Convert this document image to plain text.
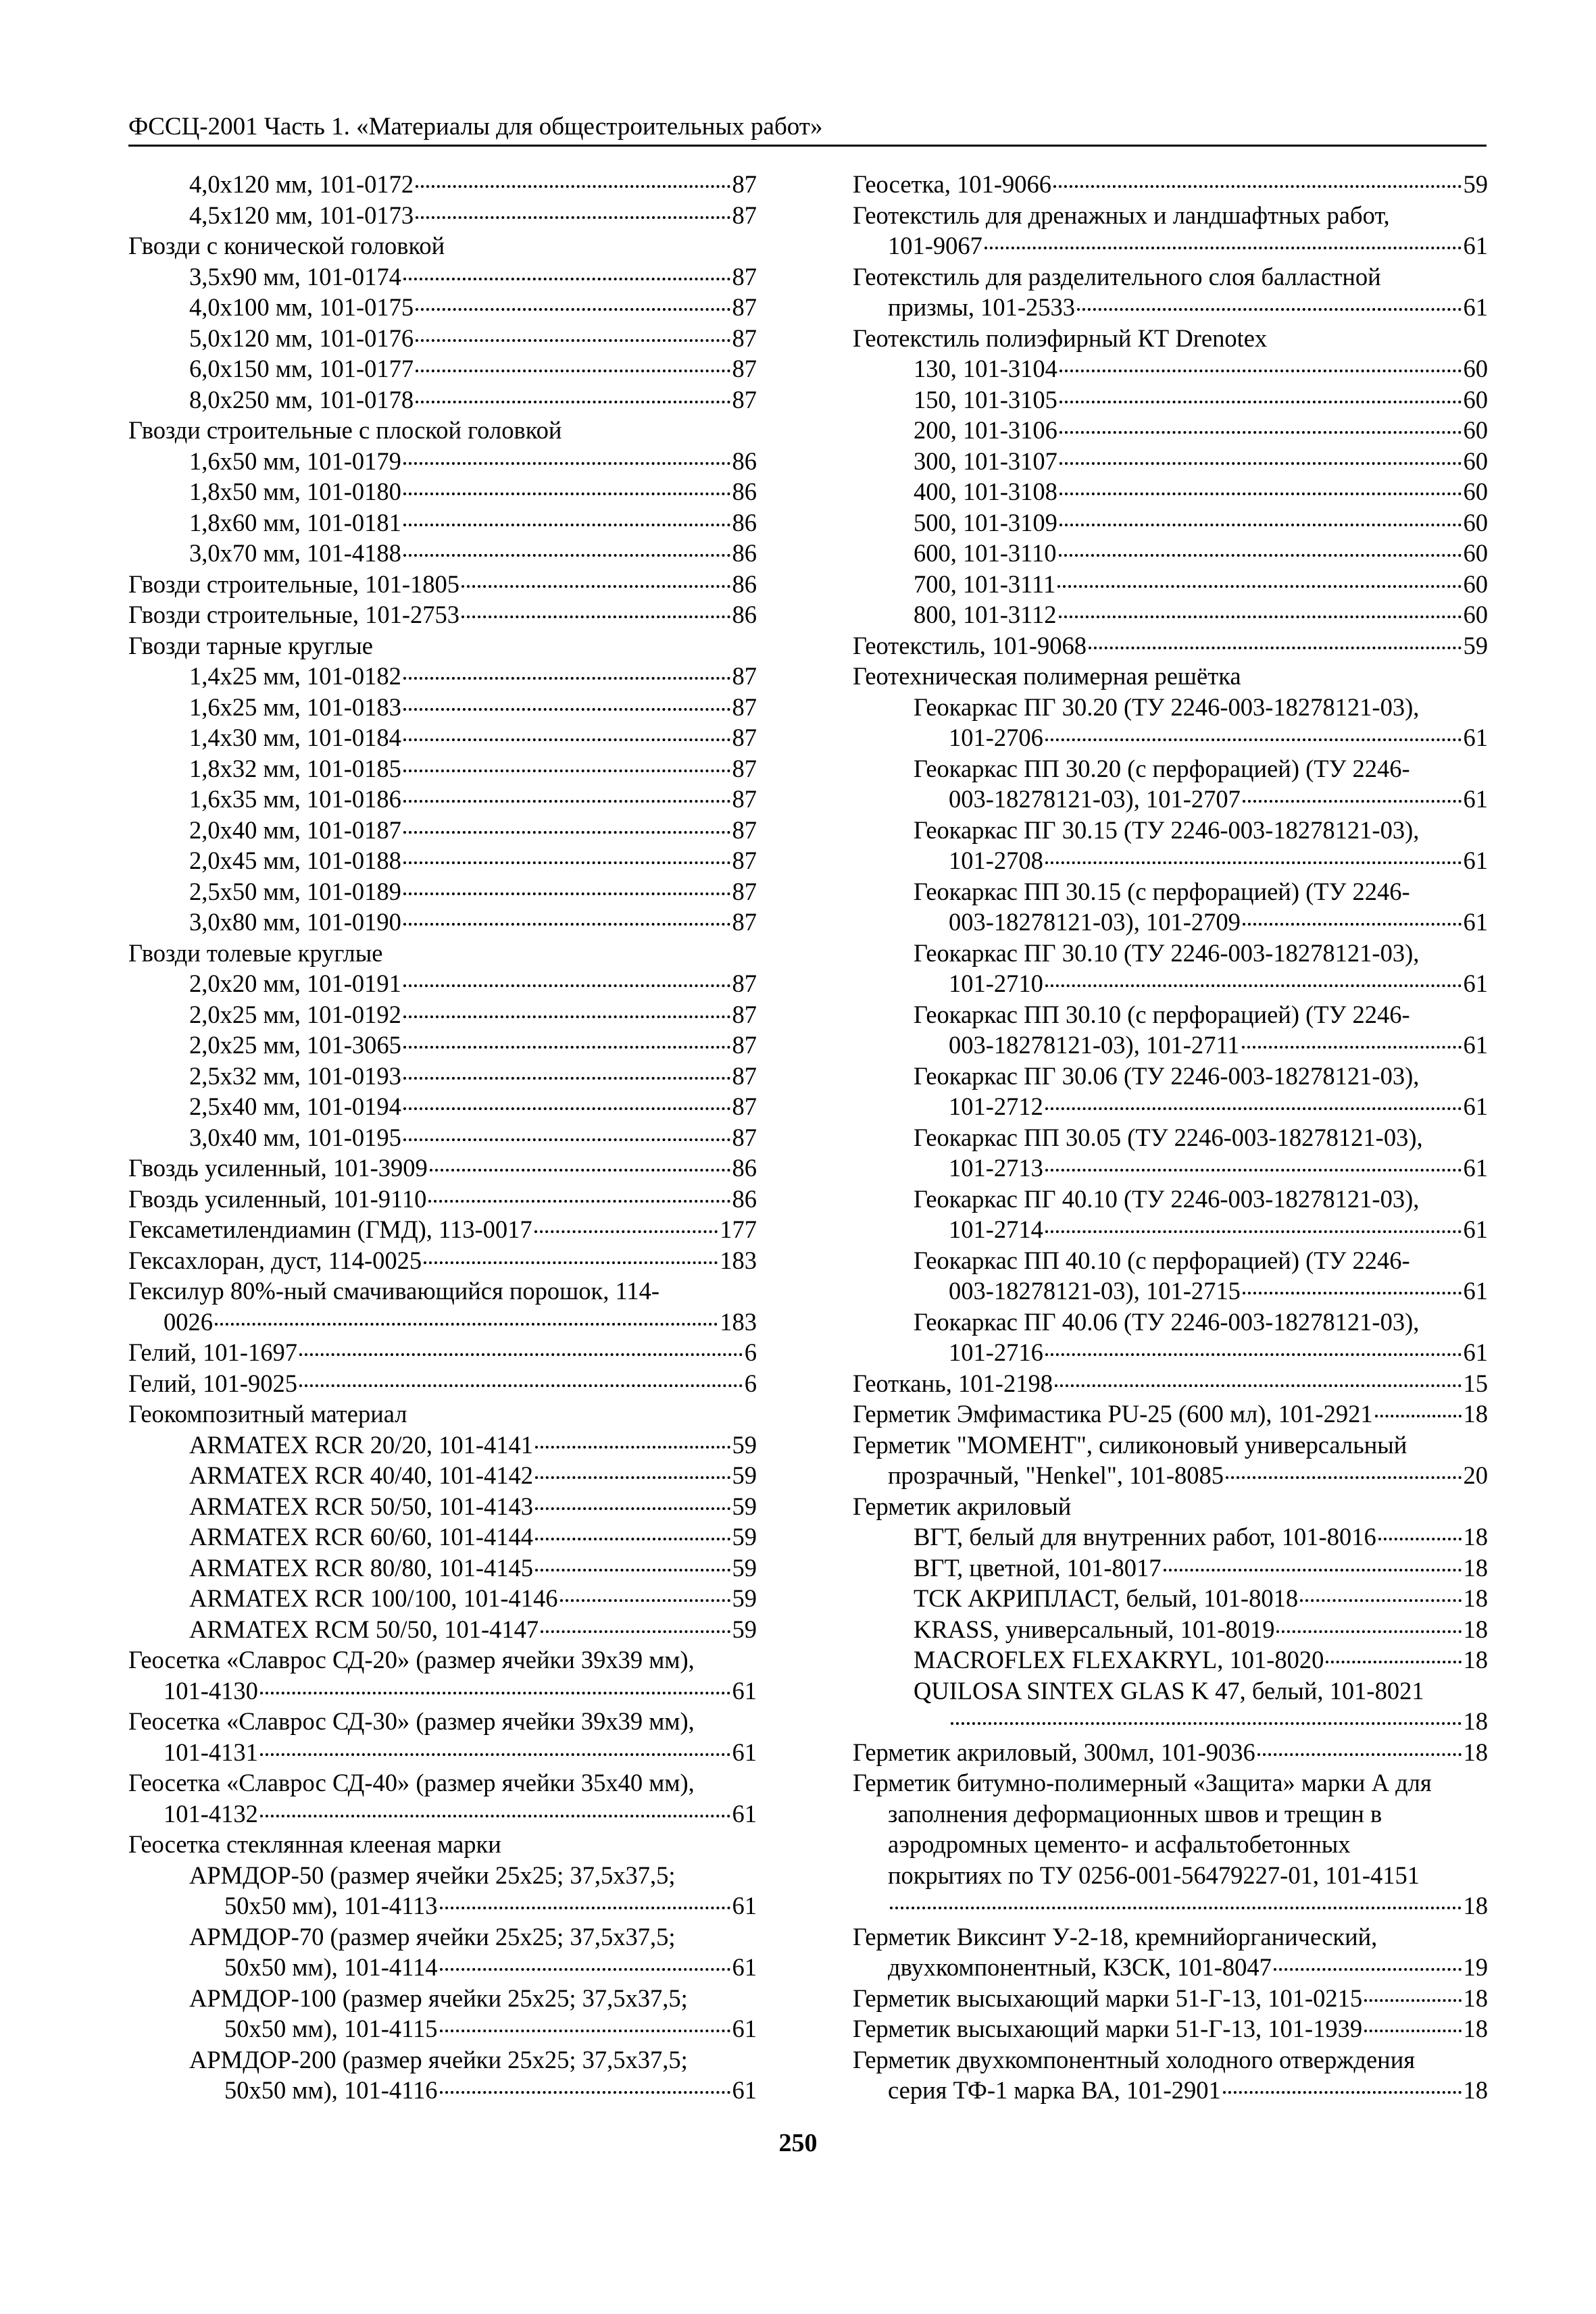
ФССЦ-2001 Часть 1. «Материалы для общестроительных работ»
4,0х120 мм, 101-0172	87
4,5х120 мм, 101-0173	87
Гвозди с конической головкой
3,5х90 мм, 101-0174	87
4,0х100 мм, 101-0175	87
5,0х120 мм, 101-0176	87
6,0х150 мм, 101-0177	87
8,0х250 мм, 101-0178	87
Гвозди строительные с плоской головкой
1,6х50 мм, 101-0179	86
1,8х50 мм, 101-0180	86
1,8х60 мм, 101-0181	86
3,0х70 мм, 101-4188	86
Гвозди строительные, 101-1805	86
Гвозди строительные, 101-2753	86
Гвозди тарные круглые
1,4х25 мм, 101-0182	87
1,6х25 мм, 101-0183	87
1,4х30 мм, 101-0184	87
1,8х32 мм, 101-0185	87
1,6х35 мм, 101-0186	87
2,0х40 мм, 101-0187	87
2,0х45 мм, 101-0188	87
2,5х50 мм, 101-0189	87
3,0х80 мм, 101-0190	87
Гвозди толевые круглые
2,0х20 мм, 101-0191	87
2,0х25 мм, 101-0192	87
2,0х25 мм, 101-3065	87
2,5х32 мм, 101-0193	87
2,5х40 мм, 101-0194	87
3,0х40 мм, 101-0195	87
Гвоздь усиленный, 101-3909	86
Гвоздь усиленный, 101-9110	86
Гексаметилендиамин (ГМД), 113-0017	177
Гексахлоран, дуст, 114-0025	183
Гексилур 80%-ный смачивающийся порошок, 114-
0026	183
Гелий, 101-1697	6
Гелий, 101-9025	6
Геокомпозитный материал
ARMATEX RCR 20/20, 101-4141	59
ARMATEX RCR 40/40, 101-4142	59
ARMATEX RCR 50/50, 101-4143	59
ARMATEX RCR 60/60, 101-4144	59
ARMATEX RCR 80/80, 101-4145	59
ARMATEX RCR 100/100, 101-4146	59
ARMATEX RCM 50/50, 101-4147	59
Геосетка «Славрос СД-20» (размер ячейки 39х39 мм),
101-4130	61
Геосетка «Славрос СД-30» (размер ячейки 39х39 мм),
101-4131	61
Геосетка «Славрос СД-40» (размер ячейки 35х40 мм),
101-4132	61
Геосетка стеклянная клееная марки
АРМДОР-50 (размер ячейки 25х25; 37,5х37,5;
50х50 мм), 101-4113	61
АРМДОР-70 (размер ячейки 25х25; 37,5х37,5;
50х50 мм), 101-4114	61
АРМДОР-100 (размер ячейки 25х25; 37,5х37,5;
50х50 мм), 101-4115	61
АРМДОР-200 (размер ячейки 25х25; 37,5х37,5;
50х50 мм), 101-4116	61
Геосетка, 101-9066	59
Геотекстиль для дренажных и ландшафтных работ,
101-9067	61
Геотекстиль для разделительного слоя балластной
призмы, 101-2533	61
Геотекстиль полиэфирный КТ Drenotex
130, 101-3104	60
150, 101-3105	60
200, 101-3106	60
300, 101-3107	60
400, 101-3108	60
500, 101-3109	60
600, 101-3110	60
700, 101-3111	60
800, 101-3112	60
Геотекстиль, 101-9068	59
Геотехническая полимерная решётка
Геокаркас ПГ 30.20 (ТУ 2246-003-18278121-03),
101-2706	61
Геокаркас ПП 30.20 (с перфорацией) (ТУ 2246-
003-18278121-03), 101-2707	61
Геокаркас ПГ 30.15 (ТУ 2246-003-18278121-03),
101-2708	61
Геокаркас ПП 30.15 (с перфорацией) (ТУ 2246-
003-18278121-03), 101-2709	61
Геокаркас ПГ 30.10 (ТУ 2246-003-18278121-03),
101-2710	61
Геокаркас ПП 30.10 (с перфорацией) (ТУ 2246-
003-18278121-03), 101-2711	61
Геокаркас ПГ 30.06 (ТУ 2246-003-18278121-03),
101-2712	61
Геокаркас ПП 30.05 (ТУ 2246-003-18278121-03),
101-2713	61
Геокаркас ПГ 40.10 (ТУ 2246-003-18278121-03),
101-2714	61
Геокаркас ПП 40.10 (с перфорацией) (ТУ 2246-
003-18278121-03), 101-2715	61
Геокаркас ПГ 40.06 (ТУ 2246-003-18278121-03),
101-2716	61
Геоткань, 101-2198	15
Герметик Эмфимастика PU-25 (600 мл), 101-2921	18
Герметик "МОМЕНТ", силиконовый универсальный
прозрачный, "Henkel", 101-8085	20
Герметик акриловый
ВГТ, белый для внутренних работ, 101-8016	18
ВГТ, цветной, 101-8017	18
ТСК АКРИПЛАСТ, белый, 101-8018	18
KRASS, универсальный, 101-8019	18
MACROFLEX FLEXAKRYL, 101-8020	18
QUILOSA SINTEX GLAS K 47, белый, 101-8021
18
Герметик акриловый, 300мл, 101-9036	18
Герметик битумно-полимерный «Защита» марки А для
заполнения деформационных швов и трещин в
аэродромных цементо- и асфальтобетонных
покрытиях по ТУ 0256-001-56479227-01, 101-4151
18
Герметик Виксинт У-2-18, кремнийорганический,
двухкомпонентный, КЗСК, 101-8047	19
Герметик высыхающий марки 51-Г-13, 101-0215	18
Герметик высыхающий марки 51-Г-13, 101-1939	18
Герметик двухкомпонентный холодного отверждения
серия ТФ-1 марка ВА, 101-2901	18
250
